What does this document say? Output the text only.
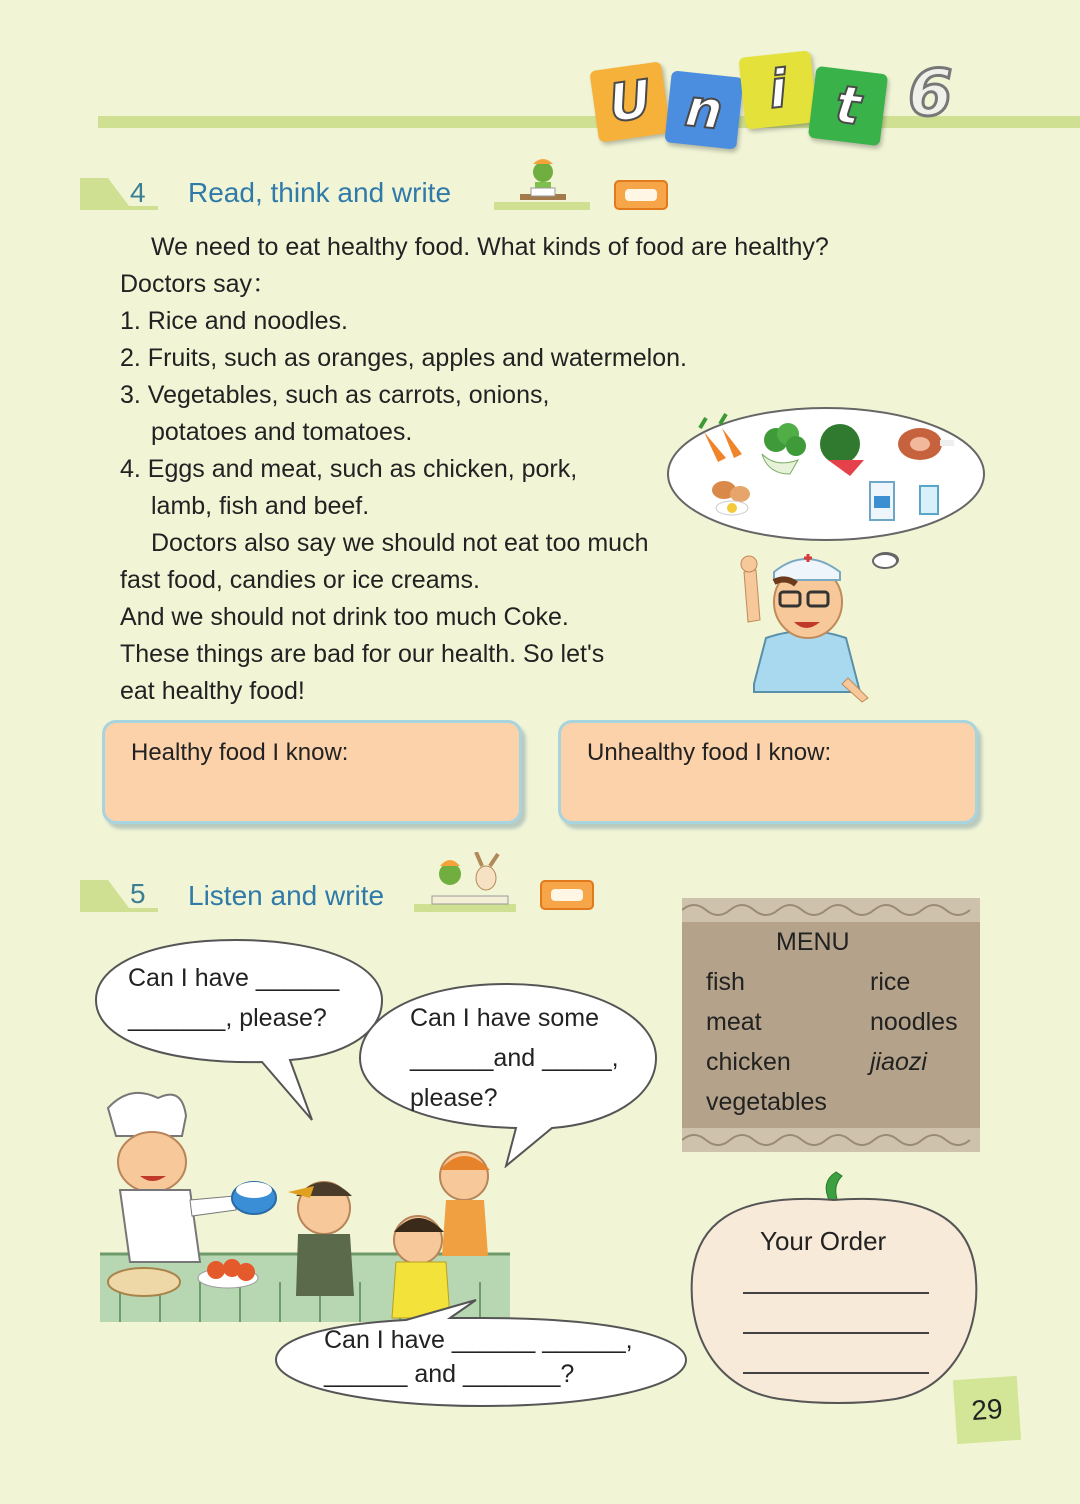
U n i t 6
4 Read, think and write
We need to eat healthy food. What kinds of food are healthy?
Doctors say：
1. Rice and noodles.
2. Fruits, such as oranges, apples and watermelon.
3. Vegetables, such as carrots, onions,
potatoes and tomatoes.
4. Eggs and meat, such as chicken, pork,
lamb, fish and beef.
Doctors also say we should not eat too much
fast food, candies or ice creams.
And we should not drink too much Coke.
These things are bad for our health. So let's
eat healthy food!
Healthy food I know:	Unhealthy food I know:
5 Listen and write
Can I have ______
_______, please?	Can I have some
______and _____,
please?
Can I have ______ ______,
______ and _______?
MENU
fish
meat
chicken
vegetables
rice
noodles
jiaozi
Your Order
29
